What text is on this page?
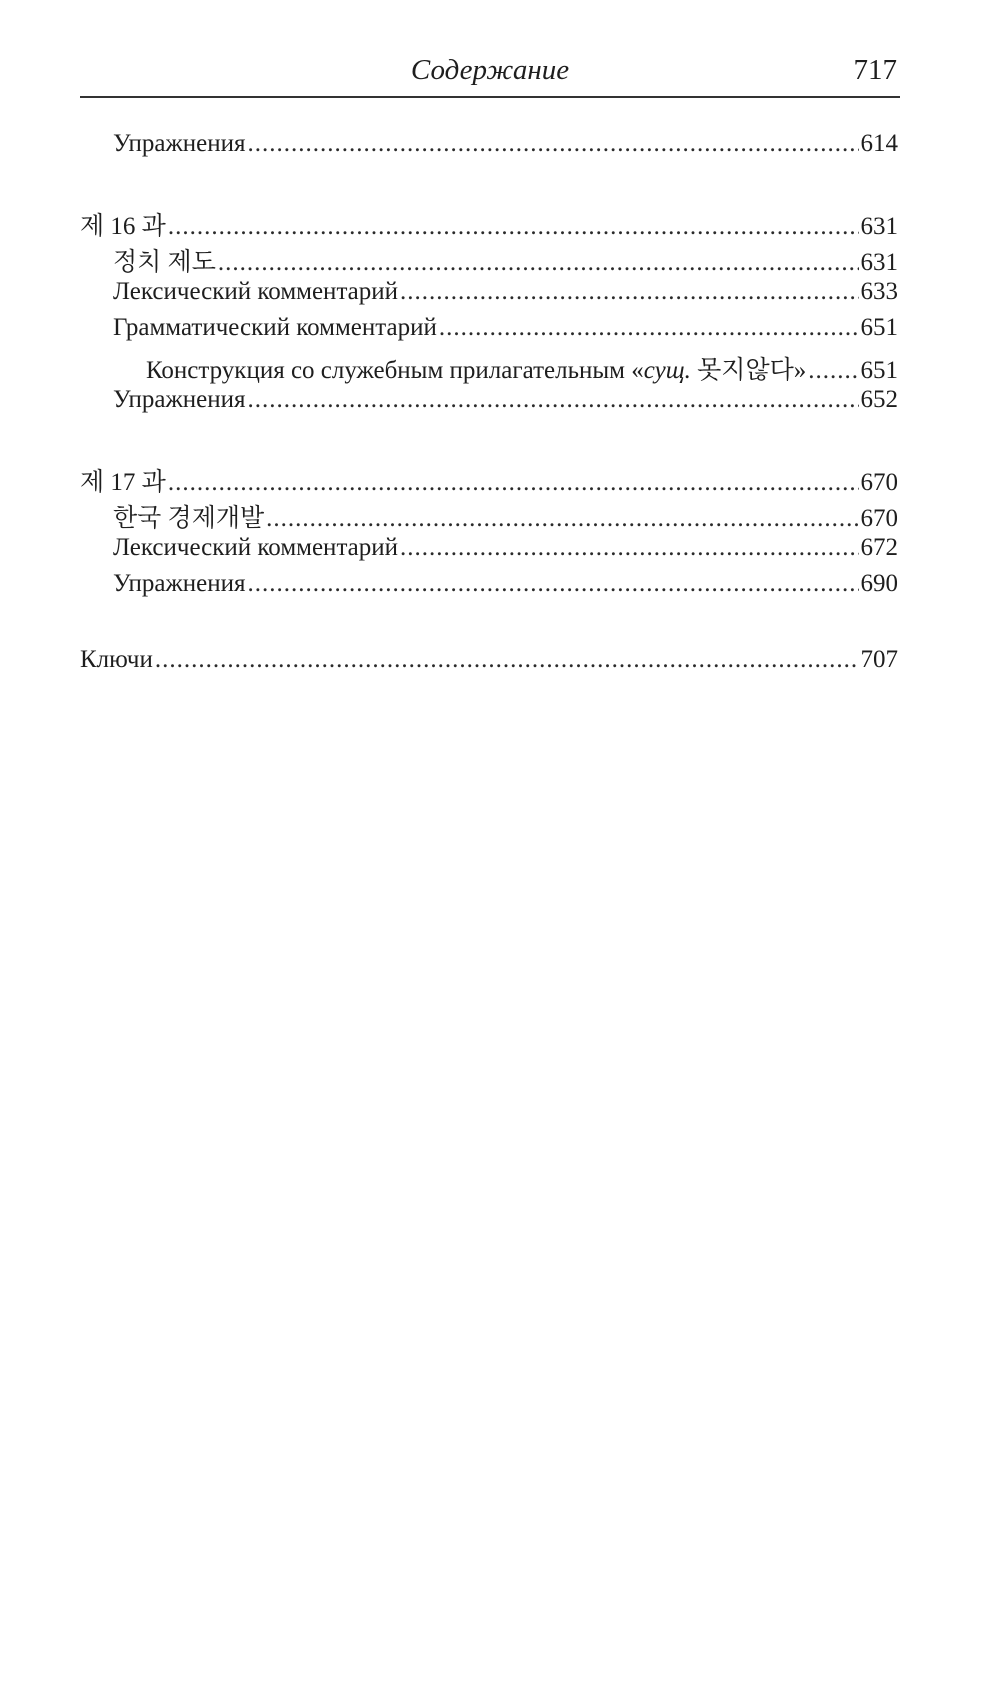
Содержание	717
Упражнения .....	614
제 16 과 .....	631
정치 제도 .....	631
Лексический комментарий .....	633
Грамматический комментарий .....	651
Конструкция со служебным прилагательным «сущ. 못지않다» ..... 651
Упражнения .....	652
제 17 과 .....	670
한국 경제개발 .....	670
Лексический комментарий .....	672
Упражнения .....	690
Ключи .....	707
